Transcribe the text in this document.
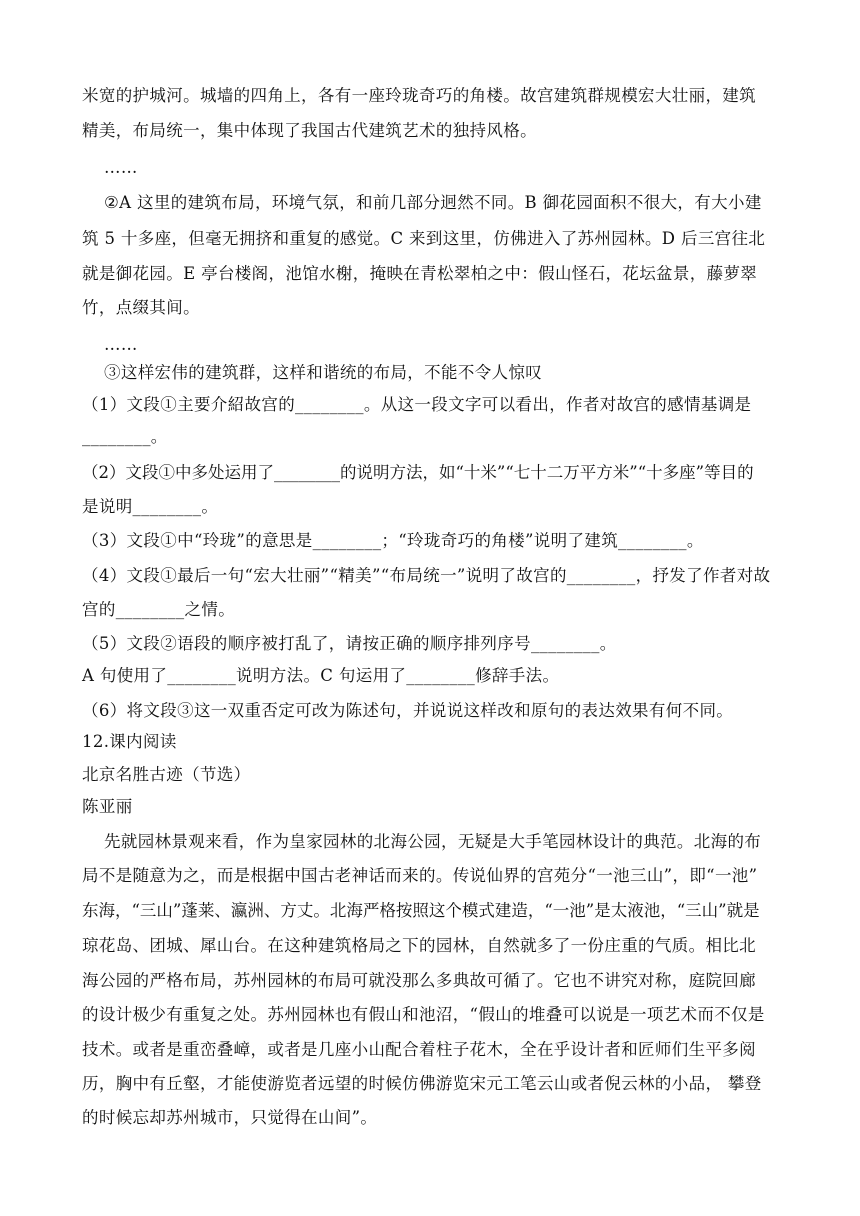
米宽的护城河。城墙的四角上，各有一座玲珑奇巧的角楼。故宫建筑群规模宏大壮丽，建筑
精美，布局统一，集中体现了我国古代建筑艺术的独持风格。
……
②A 这里的建筑布局，环境气氛，和前几部分迥然不同。B 御花园面积不很大，有大小建
筑 5 十多座，但毫无拥挤和重复的感觉。C 来到这里，仿佛进入了苏州园林。D 后三宫往北
就是御花园。E 亭台楼阁，池馆水榭，掩映在青松翠柏之中：假山怪石，花坛盆景，藤萝翠
竹，点缀其间。
……
③这样宏伟的建筑群，这样和谐统的布局，不能不令人惊叹
（1）文段①主要介紹故宫的________。从这一段文字可以看出，作者对故宫的感情基调是
________。
（2）文段①中多处运用了________的说明方法，如“十米”“七十二万平方米”“十多座”等目的
是说明________。
（3）文段①中“玲珑”的意思是________；“玲珑奇巧的角楼”说明了建筑________。
（4）文段①最后一句“宏大壮丽”“精美”“布局统一”说明了故宫的________，抒发了作者对故
宫的________之情。
（5）文段②语段的顺序被打乱了，请按正确的顺序排列序号________。
A 句使用了________说明方法。C 句运用了________修辞手法。
（6）将文段③这一双重否定可改为陈述句，并说说这样改和原句的表达效果有何不同。
12.课内阅读
北京名胜古迹（节选）
陈亚丽
先就园林景观来看，作为皇家园林的北海公园，无疑是大手笔园林设计的典范。北海的布
局不是随意为之，而是根据中国古老神话而来的。传说仙界的宫苑分“一池三山”，即“一池”
东海，“三山”蓬莱、瀛洲、方丈。北海严格按照这个模式建造，“一池”是太液池，“三山”就是
琼花岛、团城、犀山台。在这种建筑格局之下的园林，自然就多了一份庄重的气质。相比北
海公园的严格布局，苏州园林的布局可就没那么多典故可循了。它也不讲究对称，庭院回廊
的设计极少有重复之处。苏州园林也有假山和池沼，“假山的堆叠可以说是一项艺术而不仅是
技术。或者是重峦叠嶂，或者是几座小山配合着柱子花木，全在乎设计者和匠师们生平多阅
历，胸中有丘壑，才能使游览者远望的时候仿佛游览宋元工笔云山或者倪云林的小品， 攀登
的时候忘却苏州城市，只觉得在山间”。
